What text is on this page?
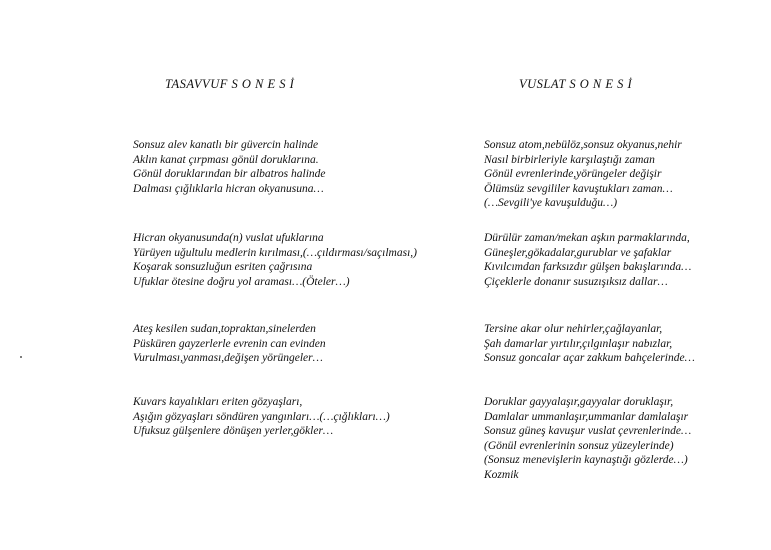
TASAVVUF S O N E S İ
Sonsuz alev kanatlı bir güvercin halinde
Aklın kanat çırpması gönül doruklarına.
Gönül doruklarından bir albatros halinde
Dalması çığlıklarla hicran okyanusuna…
Hicran okyanusunda(n) vuslat ufuklarına
Yürüyen uğultulu medlerin kırılması,(…çıldırması/saçılması,)
Koşarak sonsuzluğun esriten çağrısına
Ufuklar ötesine doğru yol araması…(Öteler…)
Ateş kesilen sudan,topraktan,sinelerden
Püsküren gayzerlerle evrenin can evinden
Vurulması,yanması,değişen yörüngeler…
Kuvars kayalıkları eriten gözyaşları,
Aşığın gözyaşları söndüren yangınları…(…çığlıkları…)
Ufuksuz gülşenlere dönüşen yerler,gökler…
VUSLAT S O N E S İ
Sonsuz atom,nebülöz,sonsuz okyanus,nehir
Nasıl birbirleriyle karşılaştığı zaman
Gönül evrenlerinde,yörüngeler değişir
Ölümsüz sevgililer kavuştukları zaman…
(…Sevgili'ye kavuşulduğu…)
Dürülür zaman/mekan aşkın parmaklarında,
Güneşler,gökadalar,gurublar ve şafaklar
Kıvılcımdan farksızdır gülşen bakışlarında…
Çiçeklerle donanır susuzışıksız dallar…
Tersine akar olur nehirler,çağlayanlar,
Şah damarlar yırtılır,çılgınlaşır nabızlar,
Sonsuz goncalar açar zakkum bahçelerinde…
Doruklar gayyalaşır,gayyalar doruklaşır,
Damlalar ummanlaşır,ummanlar damlalaşır
Sonsuz güneş kavuşur vuslat çevrenlerinde…
(Gönül evrenlerinin sonsuz yüzeylerinde)
(Sonsuz menevişlerin kaynaştığı gözlerde…)
Kozmik
